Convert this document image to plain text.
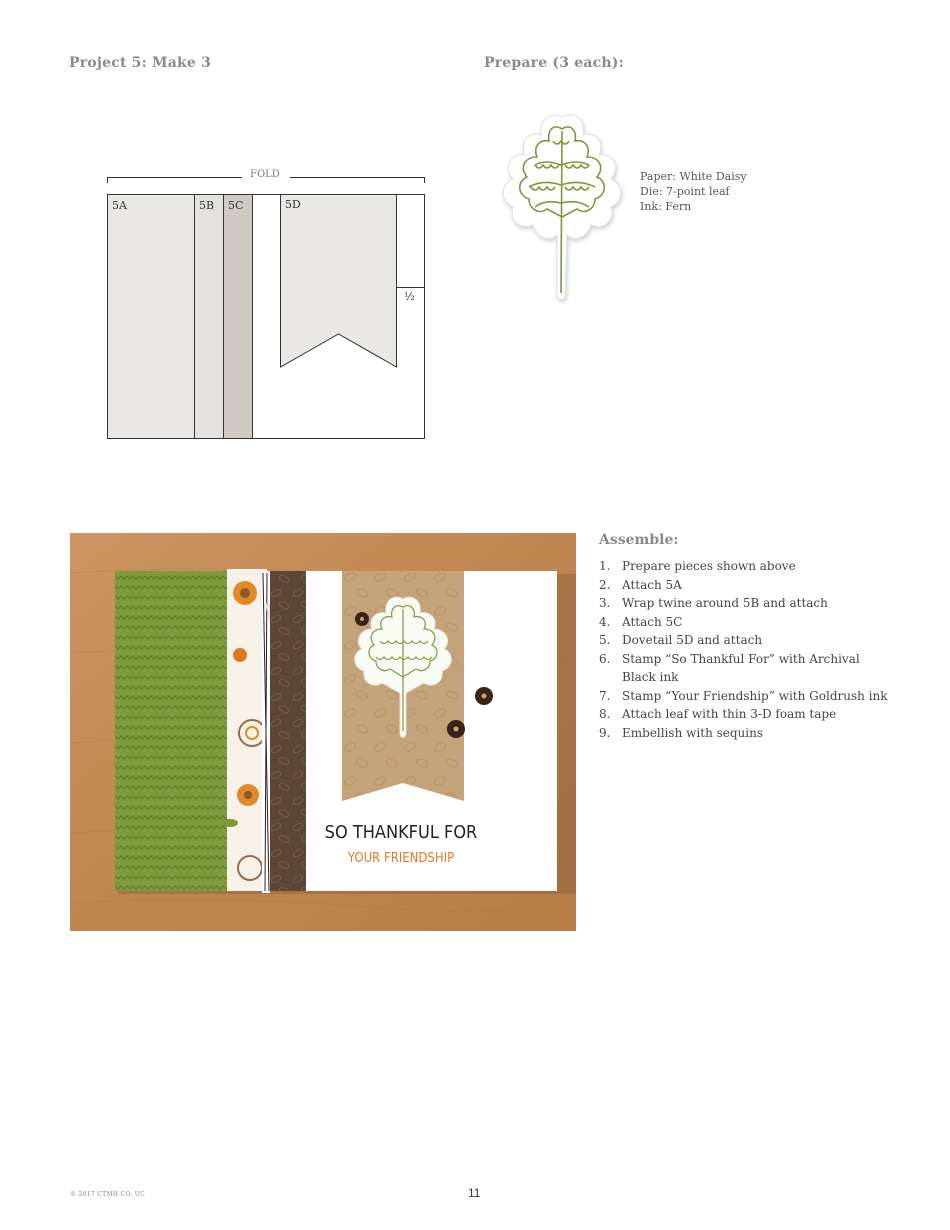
Project 5: Make 3	Prepare (3 each):
FOLD
5A	5B 5C	5D
½
Paper: White Daisy
Die: 7-point leaf
Ink: Fern
SO THANKFUL FOR
YOUR FRIENDSHIP
Assemble:
1. Prepare pieces shown above
2. Attach 5A
3. Wrap twine around 5B and attach
4. Attach 5C
5. Dovetail 5D and attach
6. Stamp “So Thankful For” with Archival Black ink
7. Stamp “Your Friendship” with Goldrush ink
8. Attach leaf with thin 3-D foam tape
9. Embellish with sequins
© 2017 CTMH CO. UC	11
